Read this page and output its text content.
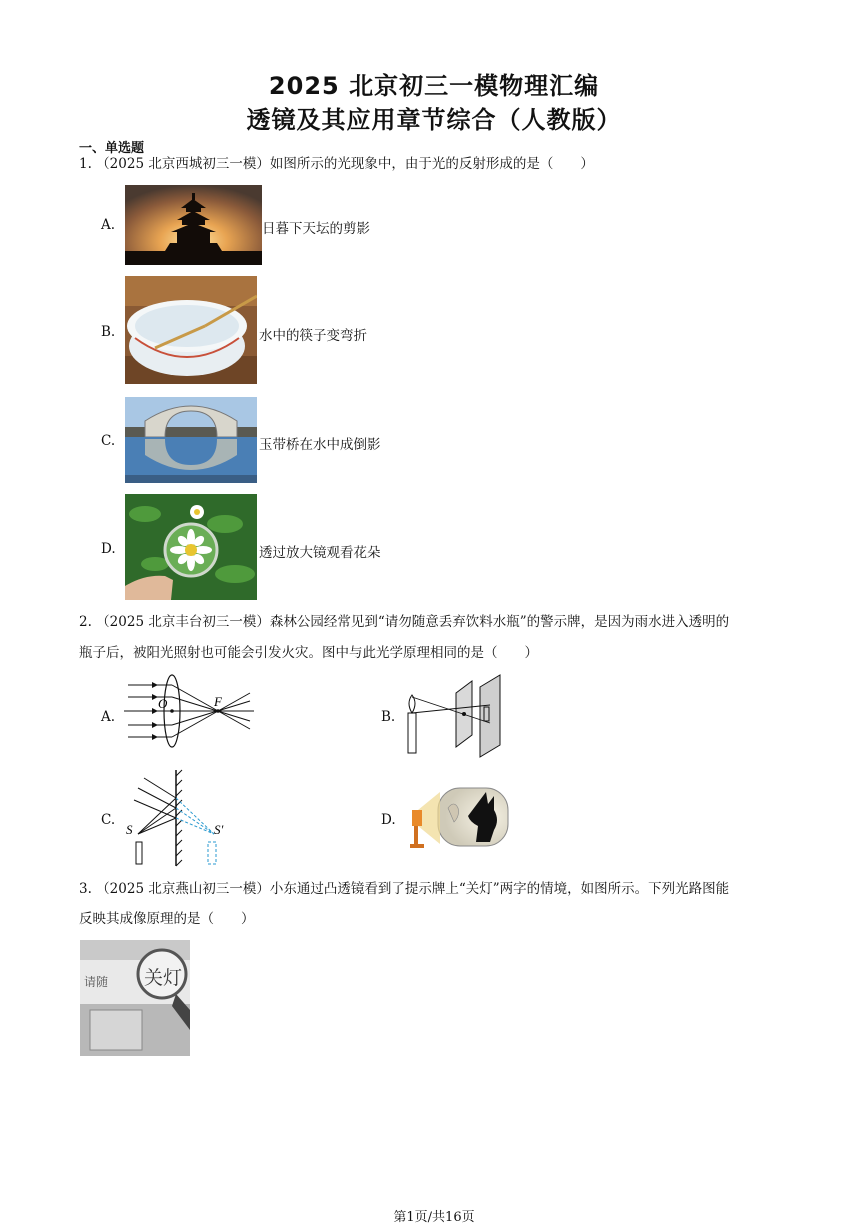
2025 北京初三一模物理汇编
透镜及其应用章节综合（人教版）
一、单选题
1. （2025 北京西城初三一模）如图所示的光现象中，由于光的反射形成的是（　　）
A.	日暮下天坛的剪影
B.	水中的筷子变弯折
C.	玉带桥在水中成倒影
D.	透过放大镜观看花朵
2. （2025 北京丰台初三一模）森林公园经常见到“请勿随意丢弃饮料水瓶”的警示牌，是因为雨水进入透明的
瓶子后，被阳光照射也可能会引发火灾。图中与此光学原理相同的是（　　）
A.
O	F
B.
C.
S	S′
D.
3. （2025 北京燕山初三一模）小东通过凸透镜看到了提示牌上“关灯”两字的情境，如图所示。下列光路图能
反映其成像原理的是（　　）
请随 关灯
第1页/共16页
